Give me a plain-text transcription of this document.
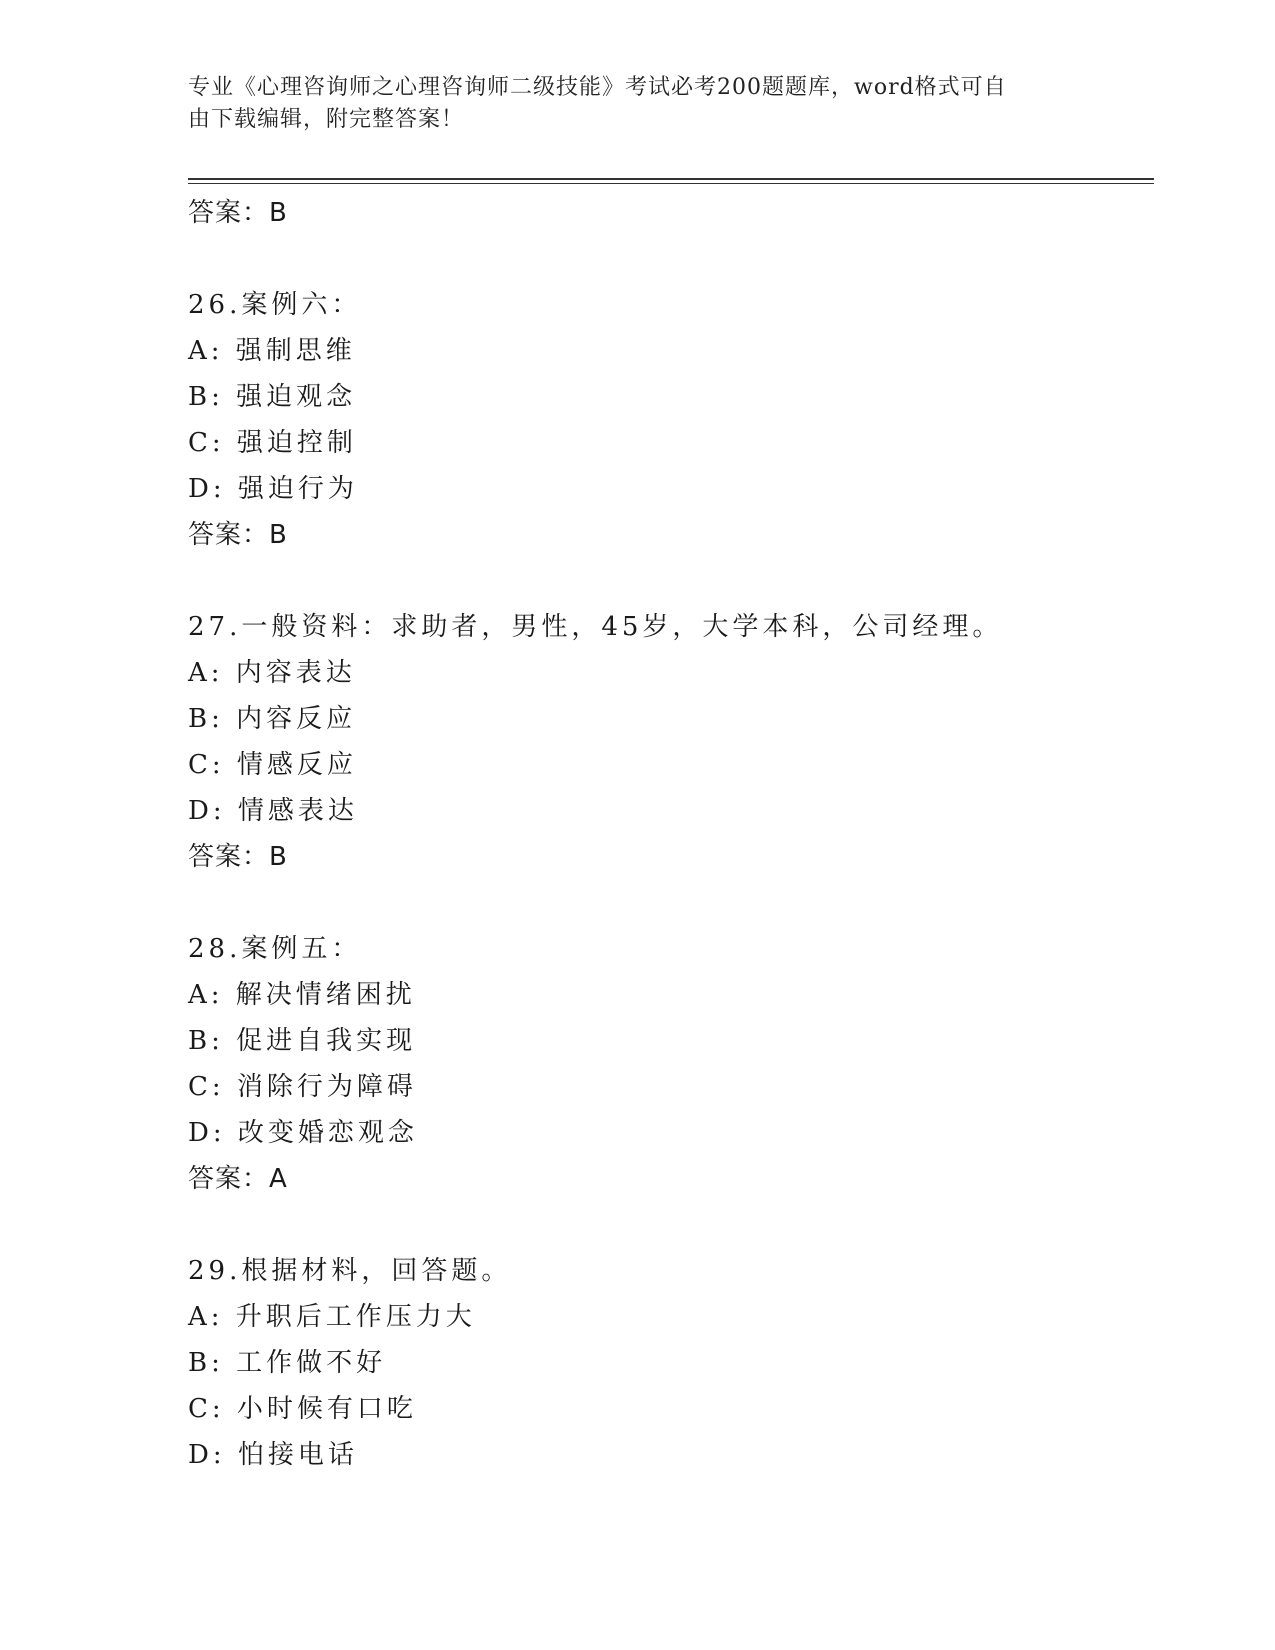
专业《心理咨询师之心理咨询师二级技能》考试必考200题题库，word格式可自
由下载编辑，附完整答案！
答案：B
26.案例六：
A: 强制思维
B: 强迫观念
C: 强迫控制
D: 强迫行为
答案：B
27.一般资料：求助者，男性，45岁，大学本科，公司经理。
A: 内容表达
B: 内容反应
C: 情感反应
D: 情感表达
答案：B
28.案例五：
A: 解决情绪困扰
B: 促进自我实现
C: 消除行为障碍
D: 改变婚恋观念
答案：A
29.根据材料，回答题。
A: 升职后工作压力大
B: 工作做不好
C: 小时候有口吃
D: 怕接电话
